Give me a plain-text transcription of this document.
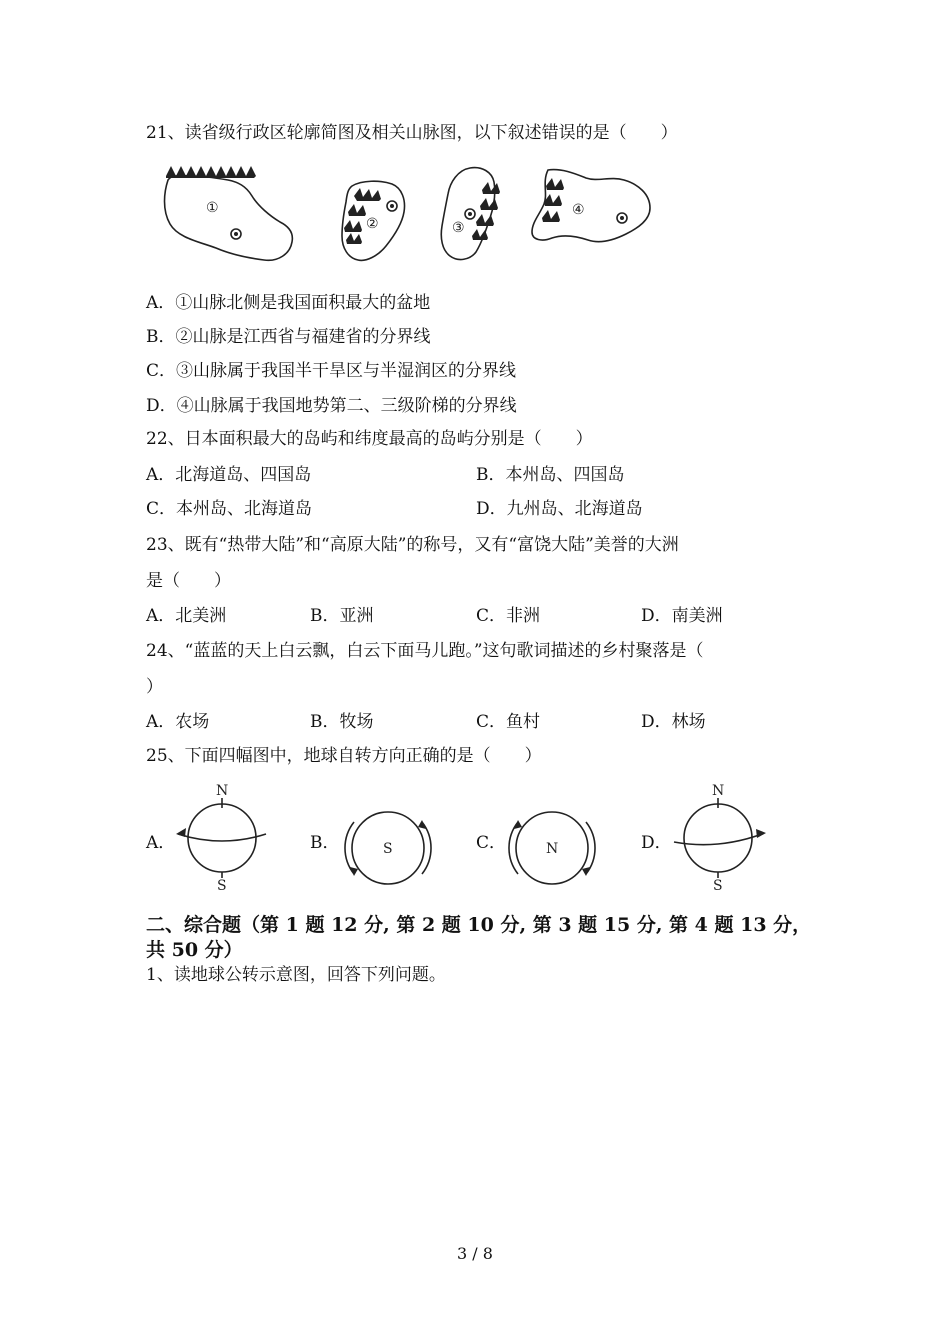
21、读省级行政区轮廓简图及相关山脉图，以下叙述错误的是（　　）
①
②	③
④
A．①山脉北侧是我国面积最大的盆地
B．②山脉是江西省与福建省的分界线
C．③山脉属于我国半干旱区与半湿润区的分界线
D．④山脉属于我国地势第二、三级阶梯的分界线
22、日本面积最大的岛屿和纬度最高的岛屿分别是（　　）
A．北海道岛、四国岛	B．本州岛、四国岛
C．本州岛、北海道岛	D．九州岛、北海道岛
23、既有“热带大陆”和“高原大陆”的称号，又有“富饶大陆”美誉的大洲
是（　　）
A．北美洲	B．亚洲	C．非洲	D．南美洲
24、“蓝蓝的天上白云飘，白云下面马儿跑。”这句歌词描述的乡村聚落是（
）
A．农场	B．牧场	C．鱼村	D．林场
25、下面四幅图中，地球自转方向正确的是（　　）
A．
N
S
B．	S	C．	N	D．
N
S
二、综合题（第 1 题 12 分, 第 2 题 10 分, 第 3 题 15 分, 第 4 题 13 分，
共 50 分）
1、读地球公转示意图，回答下列问题。
3 / 8
